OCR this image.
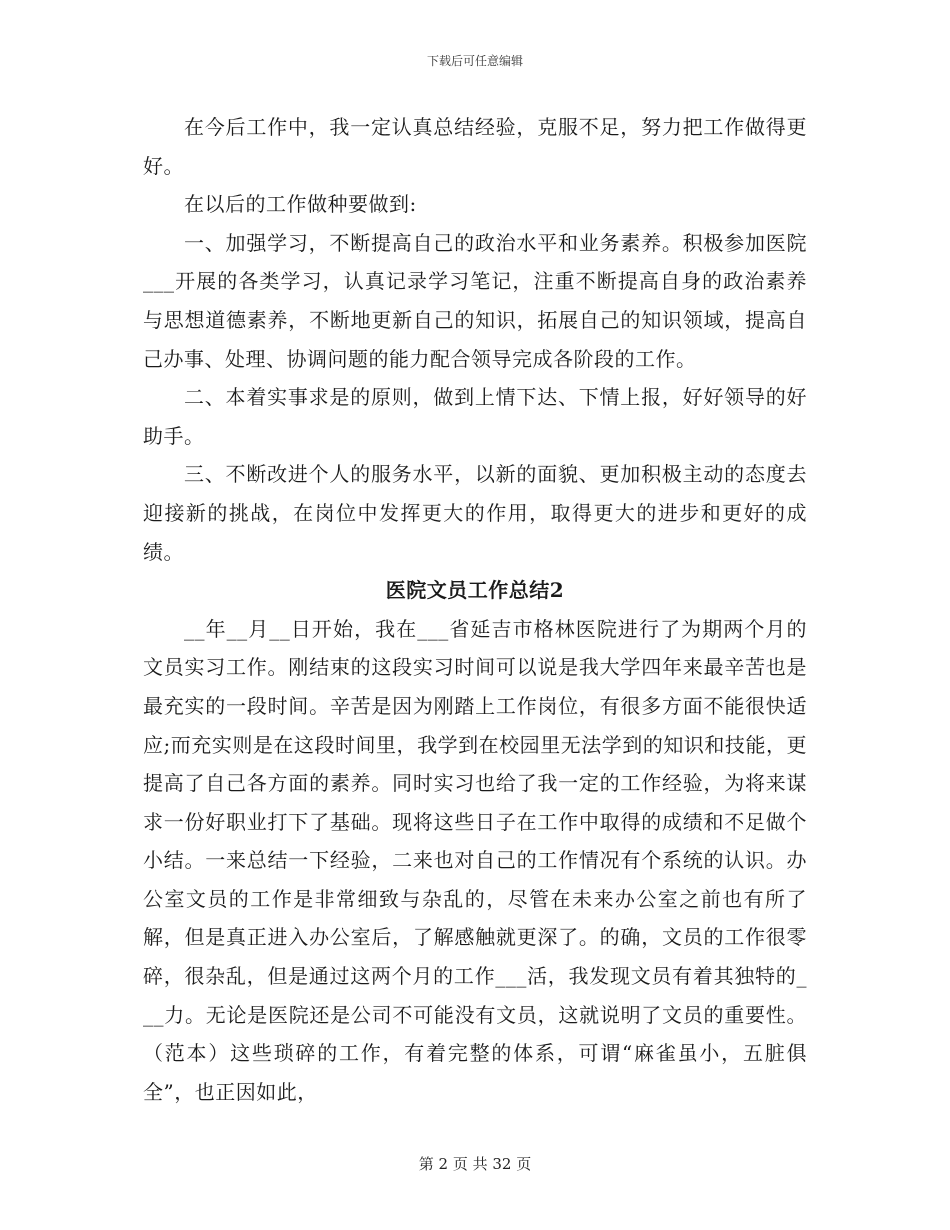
下载后可任意编辑

在今后工作中，我一定认真总结经验，克服不足，努力把工作做得更好。

在以后的工作做种要做到:

一、加强学习，不断提高自己的政治水平和业务素养。积极参加医院___开展的各类学习，认真记录学习笔记，注重不断提高自身的政治素养与思想道德素养，不断地更新自己的知识，拓展自己的知识领域，提高自己办事、处理、协调问题的能力配合领导完成各阶段的工作。

二、本着实事求是的原则，做到上情下达、下情上报，好好领导的好助手。

三、不断改进个人的服务水平，以新的面貌、更加积极主动的态度去迎接新的挑战，在岗位中发挥更大的作用，取得更大的进步和更好的成绩。

医院文员工作总结2

__年__月__日开始，我在___省延吉市格林医院进行了为期两个月的文员实习工作。刚结束的这段实习时间可以说是我大学四年来最辛苦也是最充实的一段时间。辛苦是因为刚踏上工作岗位，有很多方面不能很快适应;而充实则是在这段时间里，我学到在校园里无法学到的知识和技能，更提高了自己各方面的素养。同时实习也给了我一定的工作经验，为将来谋求一份好职业打下了基础。现将这些日子在工作中取得的成绩和不足做个小结。一来总结一下经验，二来也对自己的工作情况有个系统的认识。办公室文员的工作是非常细致与杂乱的，尽管在未来办公室之前也有所了解，但是真正进入办公室后，了解感触就更深了。的确，文员的工作很零碎，很杂乱，但是通过这两个月的工作___活，我发现文员有着其独特的___力。无论是医院还是公司不可能没有文员，这就说明了文员的重要性。（范本）这些琐碎的工作，有着完整的体系，可谓“麻雀虽小，五脏俱全”，也正因如此，

第 2 页 共 32 页
